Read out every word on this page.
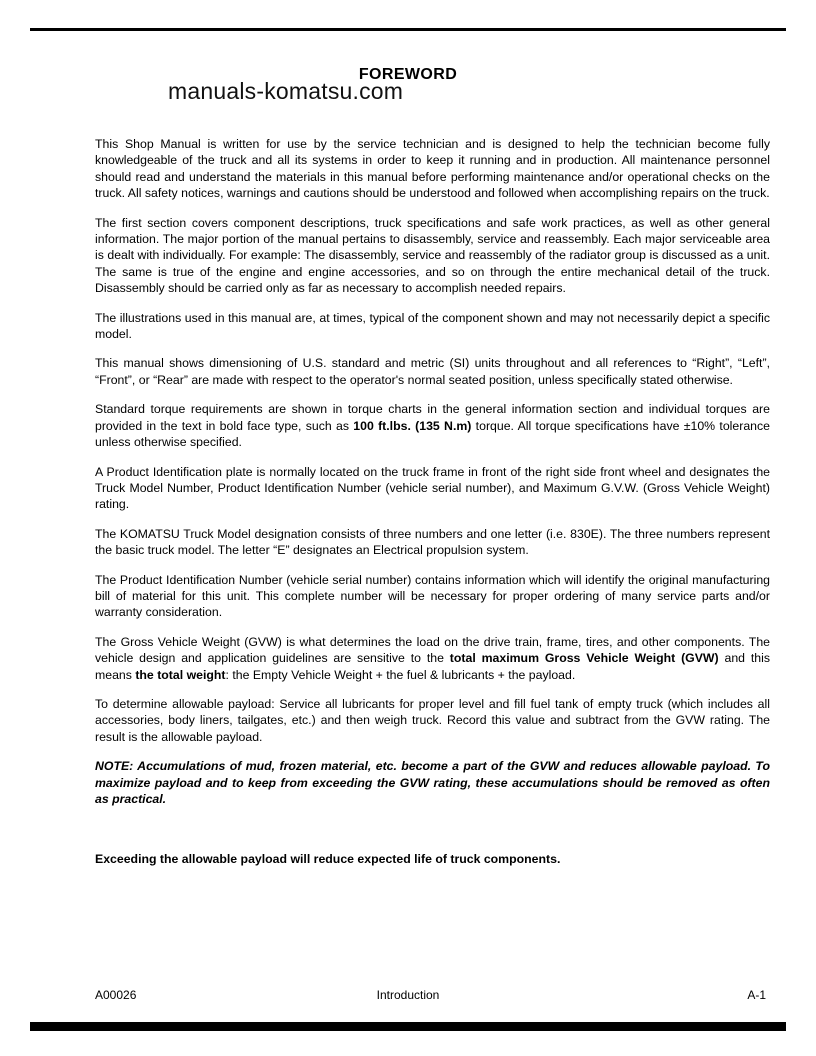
FOREWORD
manuals-komatsu.com

This Shop Manual is written for use by the service technician and is designed to help the technician become fully knowledgeable of the truck and all its systems in order to keep it running and in production. All maintenance personnel should read and understand the materials in this manual before performing maintenance and/or operational checks on the truck. All safety notices, warnings and cautions should be understood and followed when accomplishing repairs on the truck.

The first section covers component descriptions, truck specifications and safe work practices, as well as other general information. The major portion of the manual pertains to disassembly, service and reassembly. Each major serviceable area is dealt with individually. For example: The disassembly, service and reassembly of the radiator group is discussed as a unit. The same is true of the engine and engine accessories, and so on through the entire mechanical detail of the truck. Disassembly should be carried only as far as necessary to accomplish needed repairs.

The illustrations used in this manual are, at times, typical of the component shown and may not necessarily depict a specific model.

This manual shows dimensioning of U.S. standard and metric (SI) units throughout and all references to “Right”, “Left”, “Front”, or “Rear” are made with respect to the operator's normal seated position, unless specifically stated otherwise.

Standard torque requirements are shown in torque charts in the general information section and individual torques are provided in the text in bold face type, such as 100 ft.lbs. (135 N.m) torque. All torque specifications have ±10% tolerance unless otherwise specified.

A Product Identification plate is normally located on the truck frame in front of the right side front wheel and designates the Truck Model Number, Product Identification Number (vehicle serial number), and Maximum G.V.W. (Gross Vehicle Weight) rating.

The KOMATSU Truck Model designation consists of three numbers and one letter (i.e. 830E). The three numbers represent the basic truck model. The letter “E” designates an Electrical propulsion system.

The Product Identification Number (vehicle serial number) contains information which will identify the original manufacturing bill of material for this unit. This complete number will be necessary for proper ordering of many service parts and/or warranty consideration.

The Gross Vehicle Weight (GVW) is what determines the load on the drive train, frame, tires, and other components. The vehicle design and application guidelines are sensitive to the total maximum Gross Vehicle Weight (GVW) and this means the total weight: the Empty Vehicle Weight + the fuel & lubricants + the payload.

To determine allowable payload: Service all lubricants for proper level and fill fuel tank of empty truck (which includes all accessories, body liners, tailgates, etc.) and then weigh truck. Record this value and subtract from the GVW rating. The result is the allowable payload.

NOTE: Accumulations of mud, frozen material, etc. become a part of the GVW and reduces allowable payload. To maximize payload and to keep from exceeding the GVW rating, these accumulations should be removed as often as practical.

Exceeding the allowable payload will reduce expected life of truck components.

A00026	Introduction	A-1
